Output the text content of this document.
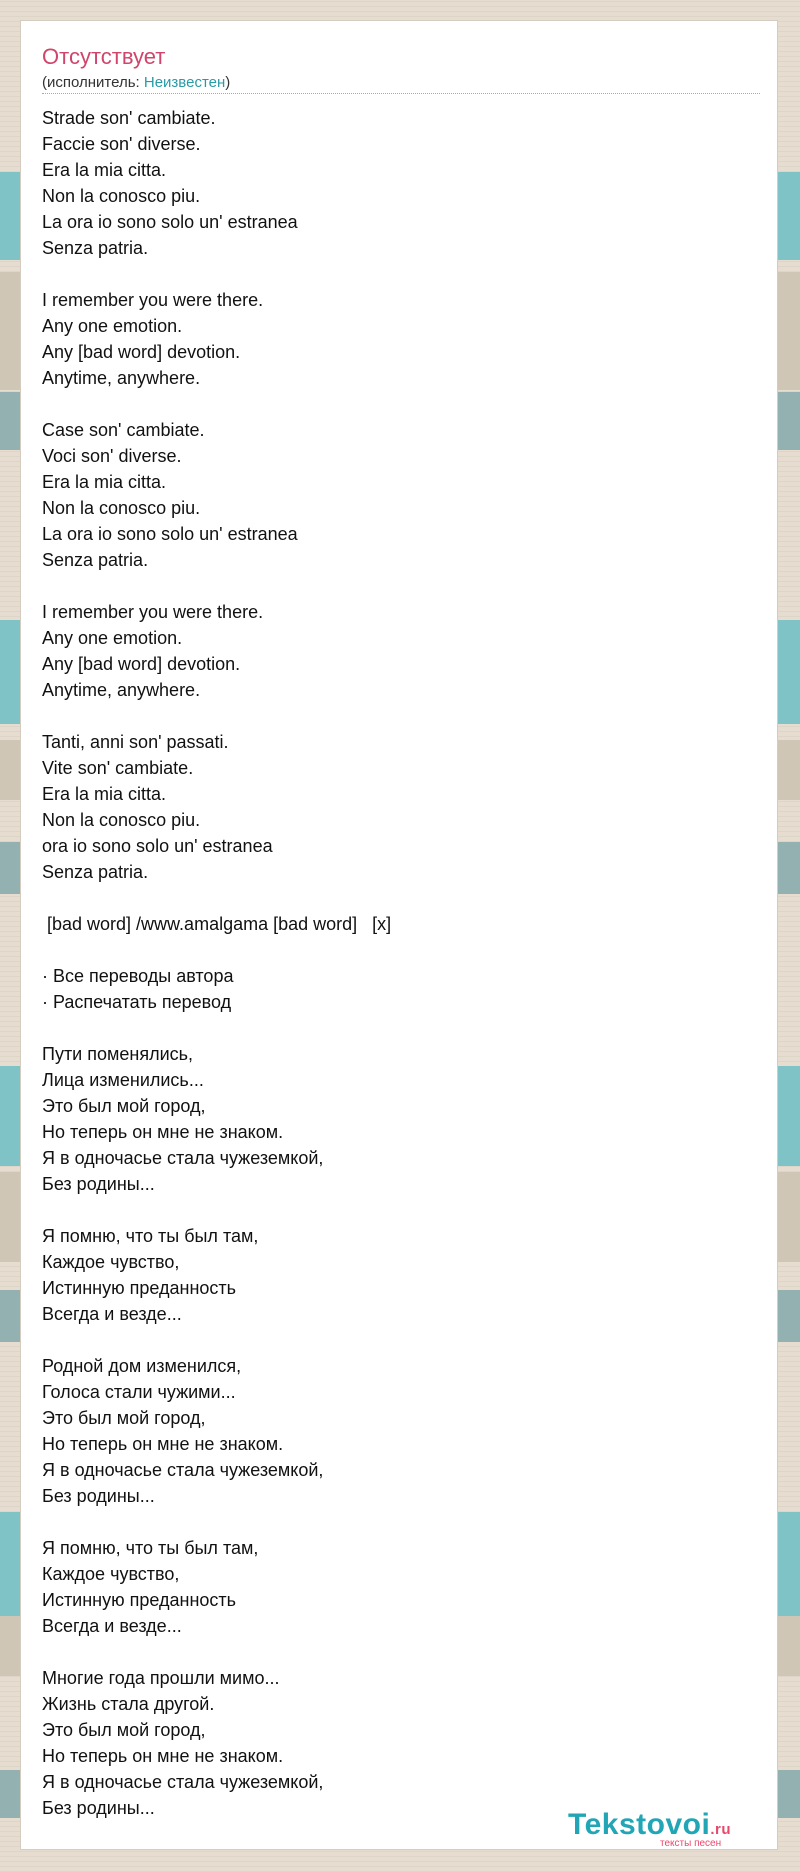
Отсутствует
(исполнитель: Неизвестен)
Strade son' cambiate.
Faccie son' diverse.
Era la mia citta.
Non la conosco piu.
La ora io sono solo un' estranea
Senza patria.
I remember you were there.
Any one emotion.
Any [bad word] devotion.
Anytime, anywhere.
Case son' cambiate.
Voci son' diverse.
Era la mia citta.
Non la conosco piu.
La ora io sono solo un' estranea
Senza patria.
I remember you were there.
Any one emotion.
Any [bad word] devotion.
Anytime, anywhere.
Tanti, anni son' passati.
Vite son' cambiate.
Era la mia citta.
Non la conosco piu.
ora io sono solo un' estranea
Senza patria.
[bad word] /www.amalgama [bad word]   [x]
· Все переводы автора
· Распечатать перевод
Пути поменялись,
Лица изменились...
Это был мой город,
Но теперь он мне не знаком.
Я в одночасье стала чужеземкой,
Без родины...
Я помню, что ты был там,
Каждое чувство,
Истинную преданность
Всегда и везде...
Родной дом изменился,
Голоса стали чужими...
Это был мой город,
Но теперь он мне не знаком.
Я в одночасье стала чужеземкой,
Без родины...
Я помню, что ты был там,
Каждое чувство,
Истинную преданность
Всегда и везде...
Многие года прошли мимо...
Жизнь стала другой.
Это был мой город,
Но теперь он мне не знаком.
Я в одночасье стала чужеземкой,
Без родины...	Tekstovoi.ru
тексты песен
